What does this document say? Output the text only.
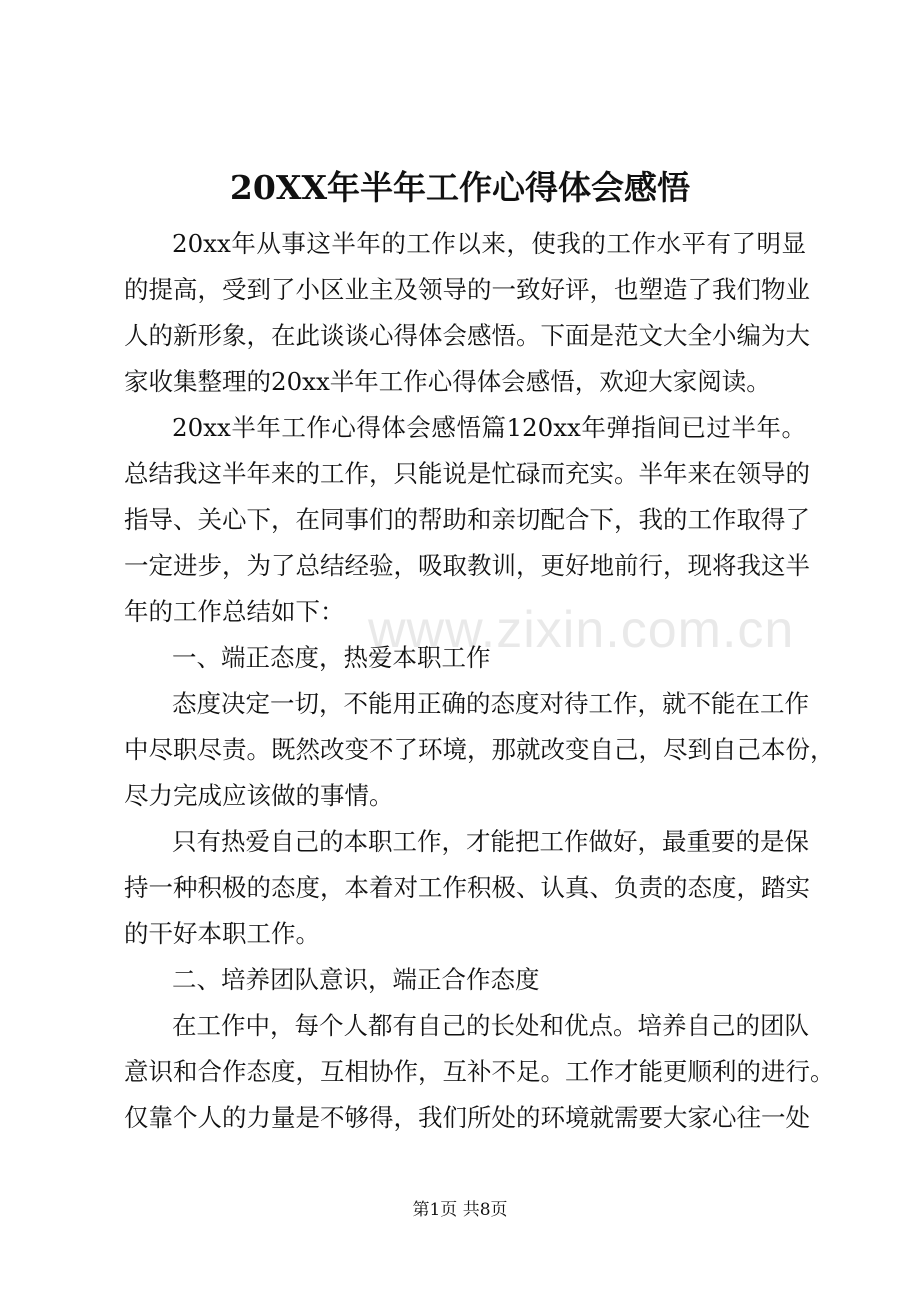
20XX年半年工作心得体会感悟
20xx年从事这半年的工作以来，使我的工作水平有了明显
的提高，受到了小区业主及领导的一致好评，也塑造了我们物业
人的新形象，在此谈谈心得体会感悟。下面是范文大全小编为大
家收集整理的20xx半年工作心得体会感悟，欢迎大家阅读。
20xx半年工作心得体会感悟篇120xx年弹指间已过半年。
总结我这半年来的工作，只能说是忙碌而充实。半年来在领导的
指导、关心下，在同事们的帮助和亲切配合下，我的工作取得了
一定进步，为了总结经验，吸取教训，更好地前行，现将我这半
年的工作总结如下：
一、端正态度，热爱本职工作
态度决定一切，不能用正确的态度对待工作，就不能在工作
中尽职尽责。既然改变不了环境，那就改变自己，尽到自己本份，
尽力完成应该做的事情。
只有热爱自己的本职工作，才能把工作做好，最重要的是保
持一种积极的态度，本着对工作积极、认真、负责的态度，踏实
的干好本职工作。
二、培养团队意识，端正合作态度
在工作中，每个人都有自己的长处和优点。培养自己的团队
意识和合作态度，互相协作，互补不足。工作才能更顺利的进行。
仅靠个人的力量是不够得，我们所处的环境就需要大家心往一处
www.zixin.com.cn
第1页 共8页
